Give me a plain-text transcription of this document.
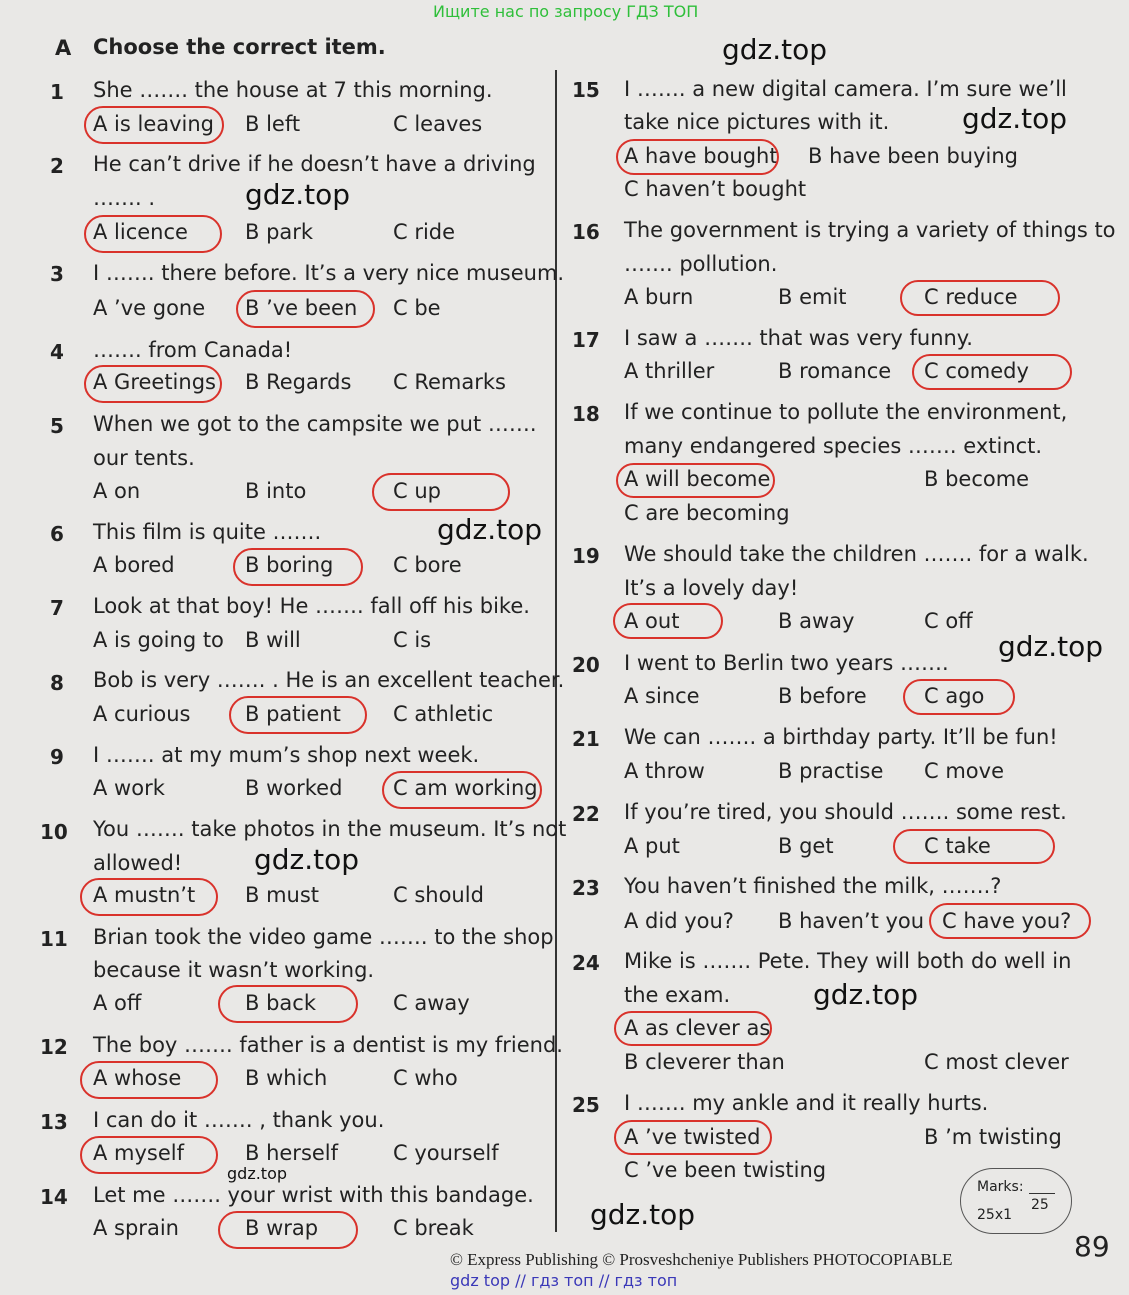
Ищите нас по запросу ГДЗ ТОП
A Choose the correct item.
1 She ……. the house at 7 this morning.
A is leaving B left	C leaves
2 He can’t drive if he doesn’t have a driving
……. .
A licence	B park	C ride
3 I ……. there before. It’s a very nice museum.
A ’ve gone B ’ve been C be
4 ……. from Canada!
A Greetings B Regards C Remarks
5 When we got to the campsite we put …….
our tents.
A on	B into	C up
6 This film is quite …….
A bored	B boring	C bore
7 Look at that boy! He ……. fall off his bike.
A is going to B will	C is
8 Bob is very ……. . He is an excellent teacher.
A curious	B patient C athletic
9 I ……. at my mum’s shop next week.
A work	B worked C am working
10 You ……. take photos in the museum. It’s not
allowed!
A mustn’t B must	C should
11 Brian took the video game ……. to the shop
because it wasn’t working.
A off	B back	C away
12 The boy ……. father is a dentist is my friend.
A whose	B which	C who
13 I can do it ……. , thank you.
A myself	B herself	C yourself
14 Let me ……. your wrist with this bandage.
A sprain	B wrap	C break
15 I ……. a new digital camera. I’m sure we’ll
take nice pictures with it.
A have bought B have been buying
C haven’t bought
16 The government is trying a variety of things to
……. pollution.
A burn	B emit	C reduce
17 I saw a ……. that was very funny.
A thriller	B romance C comedy
18 If we continue to pollute the environment,
many endangered species ……. extinct.
A will become	B become
C are becoming
19 We should take the children ……. for a walk.
It’s a lovely day!
A out	B away	C off
20 I went to Berlin two years …….
A since	B before	C ago
21 We can ……. a birthday party. It’ll be fun!
A throw	B practise C move
22 If you’re tired, you should ……. some rest.
A put	B get	C take
23 You haven’t finished the milk, …….?
A did you? B haven’t you C have you?
24 Mike is ……. Pete. They will both do well in
the exam.
A as clever as
B cleverer than	C most clever
25 I ……. my ankle and it really hurts.
A ’ve twisted	B ’m twisting
C ’ve been twisting
Marks:
25x1
25
gdz.top
gdz.top
gdz.top
gdz.top
gdz.top
gdz.top
gdz.top
gdz.top
gdz.top
© Express Publishing © Prosveshcheniye Publishers PHOTOCOPIABLE	89
gdz top // гдз топ // гдз топ
